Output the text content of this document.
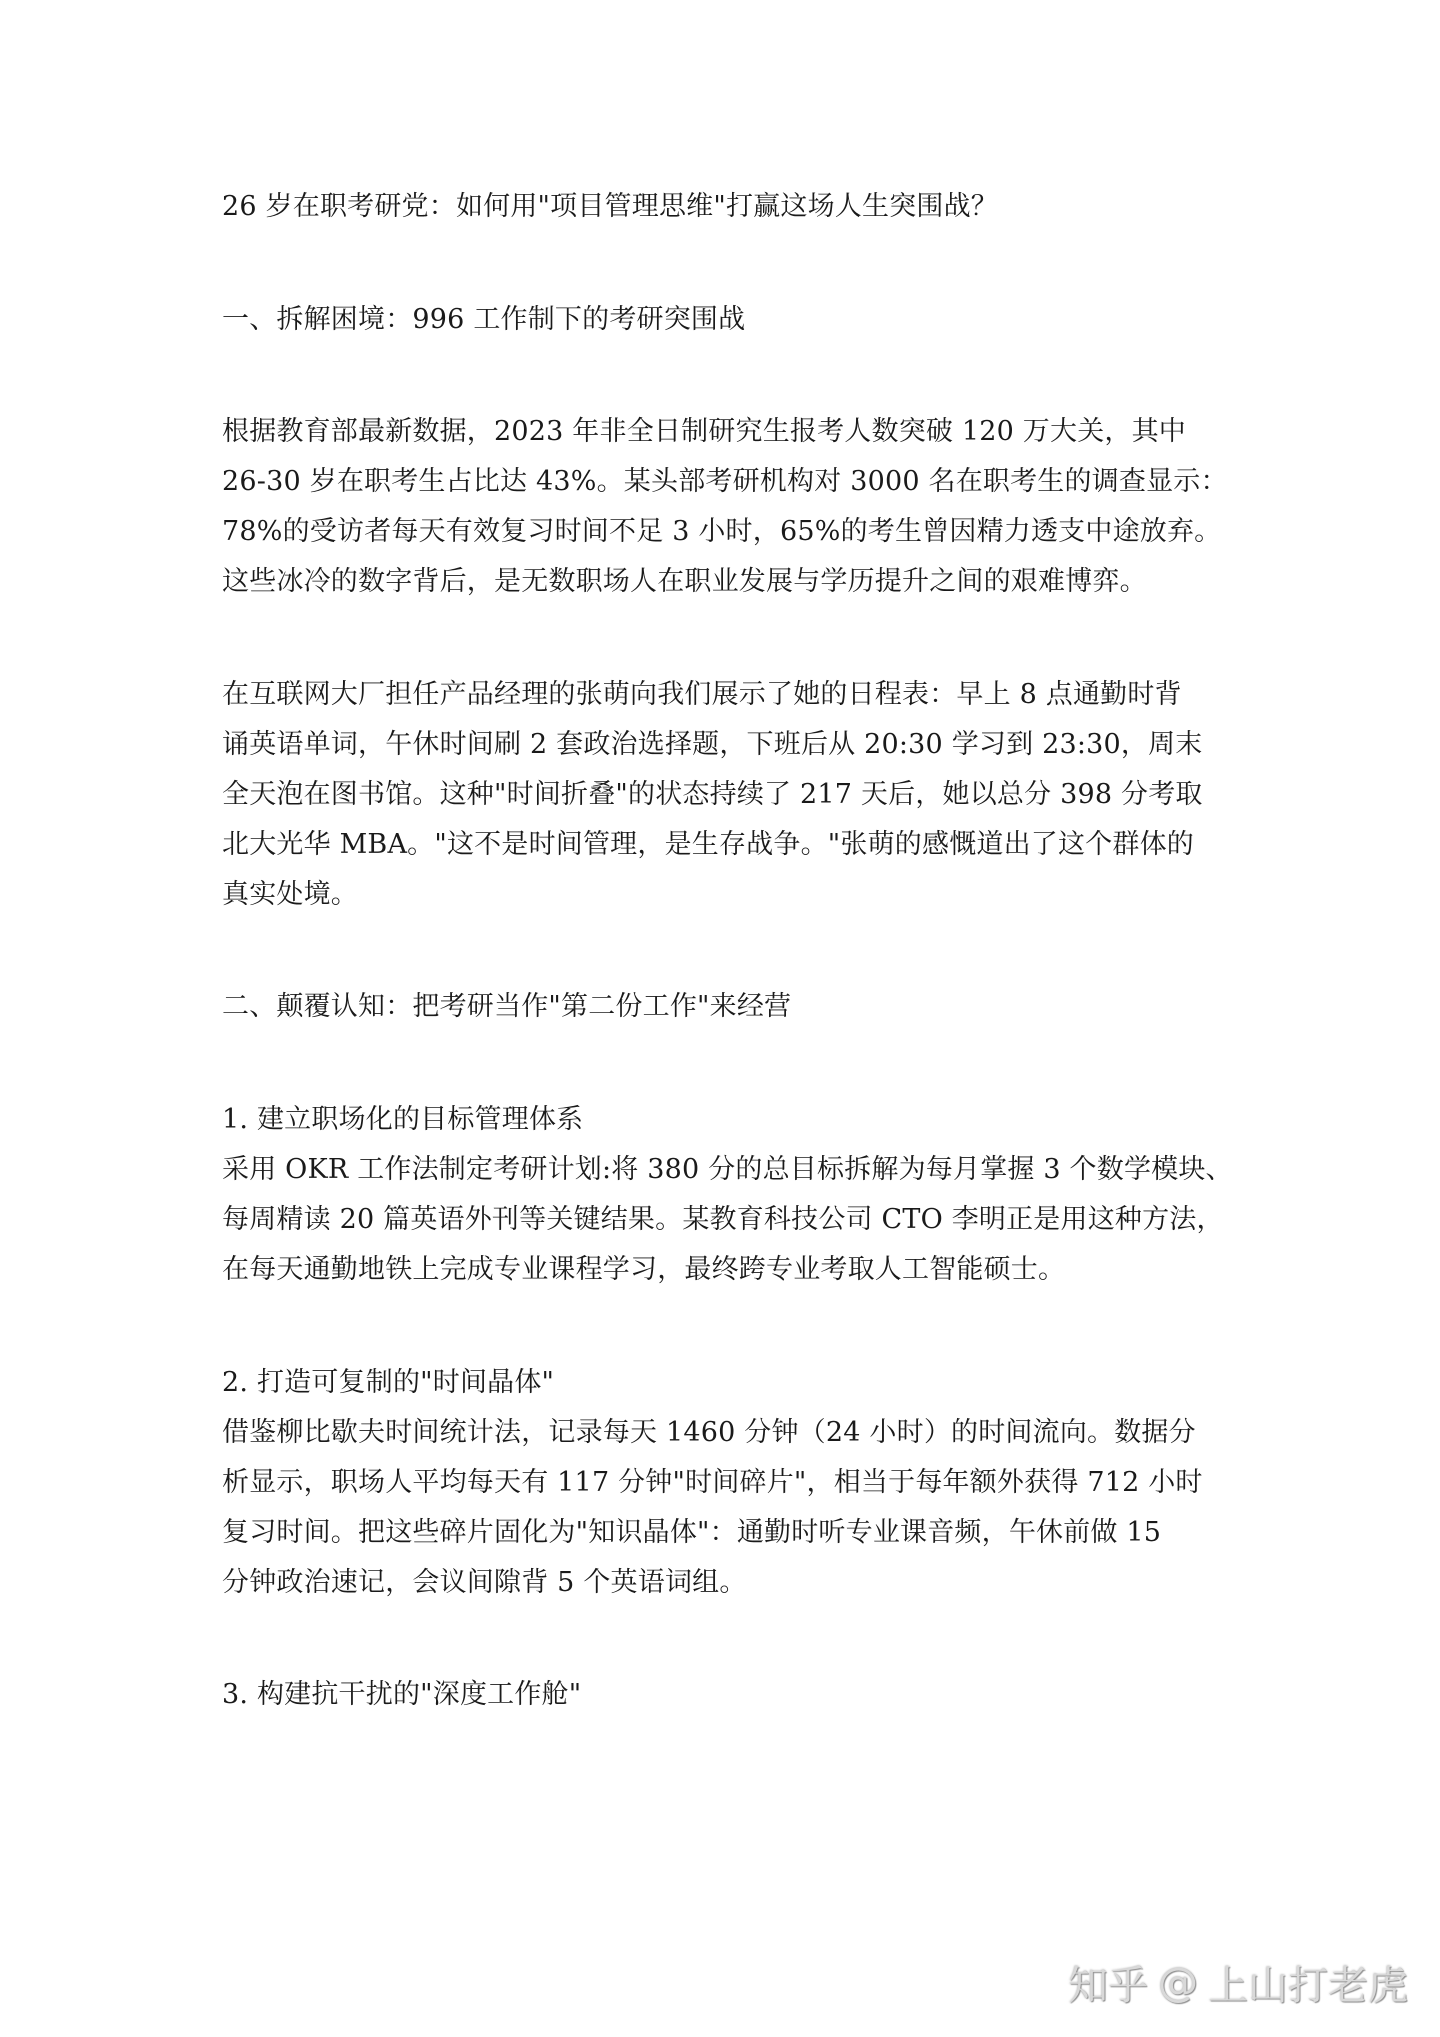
26 岁在职考研党：如何用"项目管理思维"打赢这场人生突围战？

一、拆解困境：996 工作制下的考研突围战

根据教育部最新数据，2023 年非全日制研究生报考人数突破 120 万大关，其中

26-30 岁在职考生占比达 43%。某头部考研机构对 3000 名在职考生的调查显示：

78%的受访者每天有效复习时间不足 3 小时，65%的考生曾因精力透支中途放弃。

这些冰冷的数字背后，是无数职场人在职业发展与学历提升之间的艰难博弈。

在互联网大厂担任产品经理的张萌向我们展示了她的日程表：早上 8 点通勤时背

诵英语单词，午休时间刷 2 套政治选择题，下班后从 20:30 学习到 23:30，周末

全天泡在图书馆。这种"时间折叠"的状态持续了 217 天后，她以总分 398 分考取

北大光华 MBA。"这不是时间管理，是生存战争。"张萌的感慨道出了这个群体的

真实处境。

二、颠覆认知：把考研当作"第二份工作"来经营

1. 建立职场化的目标管理体系

采用 OKR 工作法制定考研计划:将 380 分的总目标拆解为每月掌握 3 个数学模块、

每周精读 20 篇英语外刊等关键结果。某教育科技公司 CTO 李明正是用这种方法，

在每天通勤地铁上完成专业课程学习，最终跨专业考取人工智能硕士。

2. 打造可复制的"时间晶体"

借鉴柳比歇夫时间统计法，记录每天 1460 分钟（24 小时）的时间流向。数据分

析显示，职场人平均每天有 117 分钟"时间碎片"，相当于每年额外获得 712 小时

复习时间。把这些碎片固化为"知识晶体"：通勤时听专业课音频，午休前做 15

分钟政治速记，会议间隙背 5 个英语词组。

3. 构建抗干扰的"深度工作舱"

知乎 @ 上山打老虎
